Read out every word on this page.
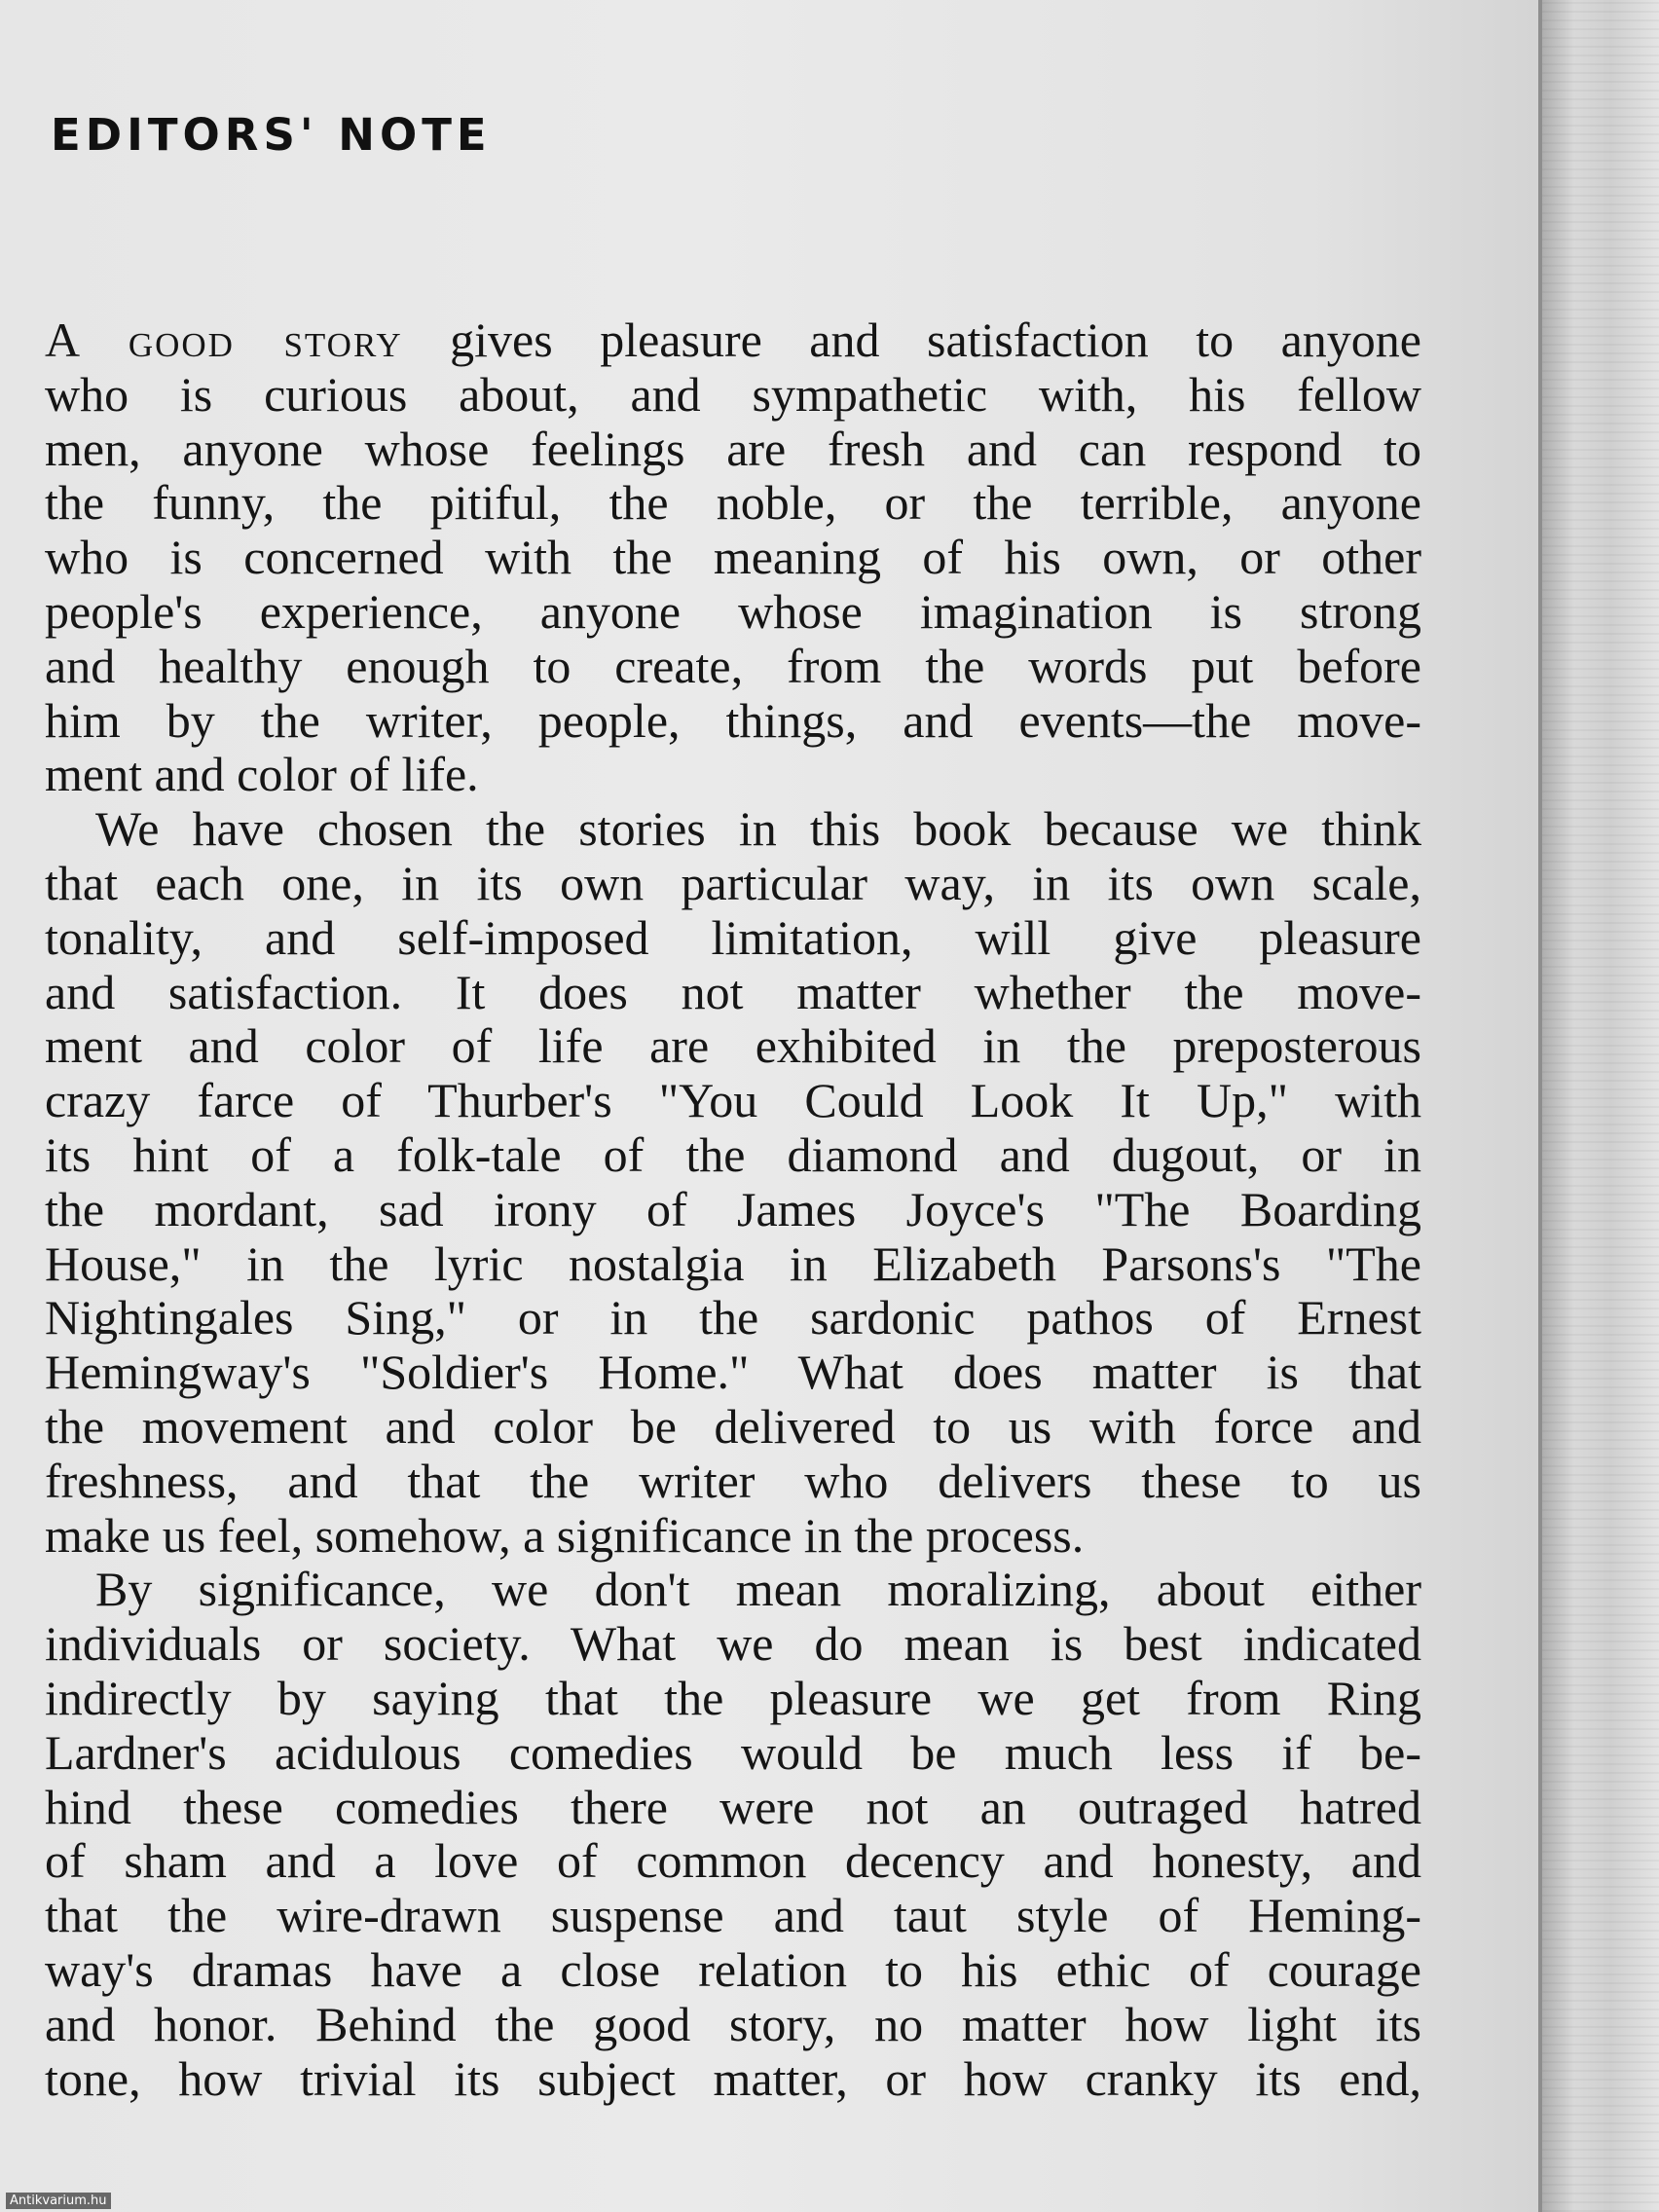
EDITORS' NOTE
A good story gives pleasure and satisfaction to anyone
who is curious about, and sympathetic with, his fellow
men, anyone whose feelings are fresh and can respond to
the funny, the pitiful, the noble, or the terrible, anyone
who is concerned with the meaning of his own, or other
people's experience, anyone whose imagination is strong
and healthy enough to create, from the words put before
him by the writer, people, things, and events—the move-
ment and color of life.
We have chosen the stories in this book because we think
that each one, in its own particular way, in its own scale,
tonality, and self-imposed limitation, will give pleasure
and satisfaction. It does not matter whether the move-
ment and color of life are exhibited in the preposterous
crazy farce of Thurber's "You Could Look It Up," with
its hint of a folk-tale of the diamond and dugout, or in
the mordant, sad irony of James Joyce's "The Boarding
House," in the lyric nostalgia in Elizabeth Parsons's "The
Nightingales Sing," or in the sardonic pathos of Ernest
Hemingway's "Soldier's Home." What does matter is that
the movement and color be delivered to us with force and
freshness, and that the writer who delivers these to us
make us feel, somehow, a significance in the process.
By significance, we don't mean moralizing, about either
individuals or society. What we do mean is best indicated
indirectly by saying that the pleasure we get from Ring
Lardner's acidulous comedies would be much less if be-
hind these comedies there were not an outraged hatred
of sham and a love of common decency and honesty, and
that the wire-drawn suspense and taut style of Heming-
way's dramas have a close relation to his ethic of courage
and honor. Behind the good story, no matter how light its
tone, how trivial its subject matter, or how cranky its end,
Antikvarium.hu
